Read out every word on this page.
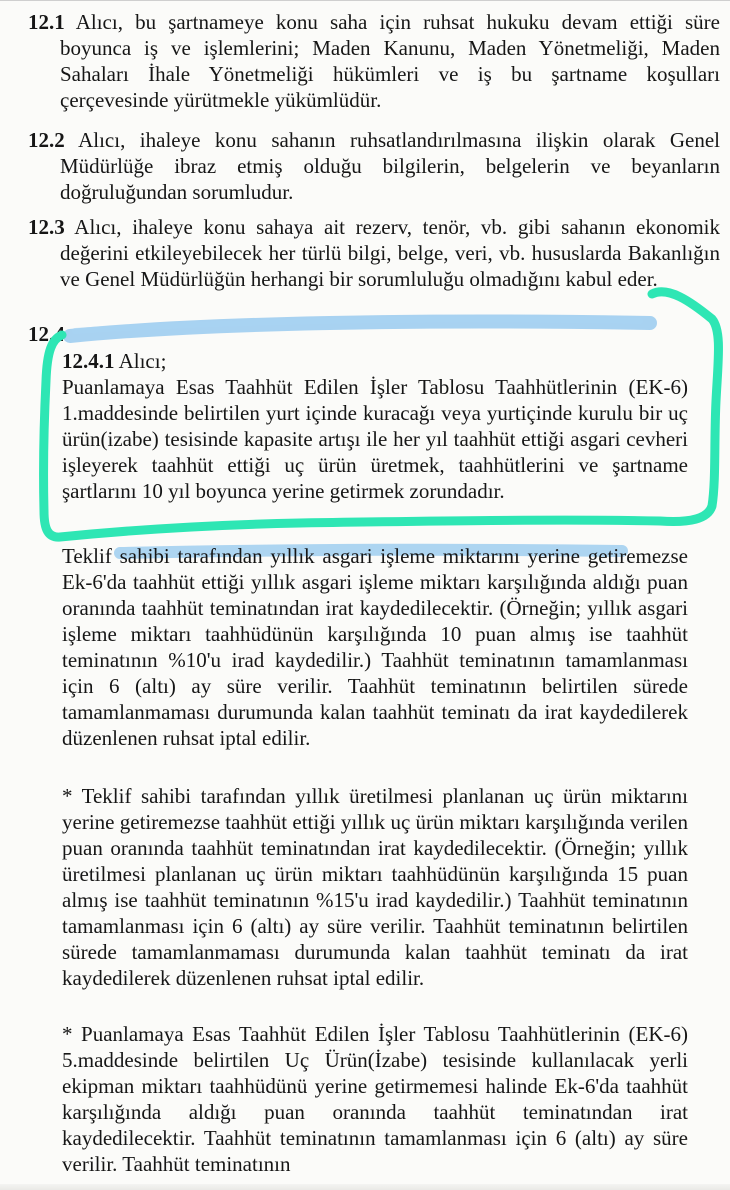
12.1 Alıcı, bu şartnameye konu saha için ruhsat hukuku devam ettiği süre boyunca iş ve işlemlerini; Maden Kanunu, Maden Yönetmeliği, Maden Sahaları İhale Yönetmeliği hükümleri ve iş bu şartname koşulları çerçevesinde yürütmekle yükümlüdür.
12.2 Alıcı, ihaleye konu sahanın ruhsatlandırılmasına ilişkin olarak Genel Müdürlüğe ibraz etmiş olduğu bilgilerin, belgelerin ve beyanların doğruluğundan sorumludur.
12.3 Alıcı, ihaleye konu sahaya ait rezerv, tenör, vb. gibi sahanın ekonomik değerini etkileyebilecek her türlü bilgi, belge, veri, vb. hususlarda Bakanlığın ve Genel Müdürlüğün herhangi bir sorumluluğu olmadığını kabul eder.
12.4
12.4.1 Alıcı;
Puanlamaya Esas Taahhüt Edilen İşler Tablosu Taahhütlerinin (EK-6) 1.maddesinde belirtilen yurt içinde kuracağı veya yurtiçinde kurulu bir uç ürün(izabe) tesisinde kapasite artışı ile her yıl taahhüt ettiği asgari cevheri işleyerek taahhüt ettiği uç ürün üretmek, taahhütlerini ve şartname şartlarını 10 yıl boyunca yerine getirmek zorundadır.
Teklif sahibi tarafından yıllık asgari işleme miktarını yerine getiremezse Ek-6'da taahhüt ettiği yıllık asgari işleme miktarı karşılığında aldığı puan oranında taahhüt teminatından irat kaydedilecektir. (Örneğin; yıllık asgari işleme miktarı taahhüdünün karşılığında 10 puan almış ise taahhüt teminatının %10'u irad kaydedilir.) Taahhüt teminatının tamamlanması için 6 (altı) ay süre verilir. Taahhüt teminatının belirtilen sürede tamamlanmaması durumunda kalan taahhüt teminatı da irat kaydedilerek düzenlenen ruhsat iptal edilir.
* Teklif sahibi tarafından yıllık üretilmesi planlanan uç ürün miktarını yerine getiremezse taahhüt ettiği yıllık uç ürün miktarı karşılığında verilen puan oranında taahhüt teminatından irat kaydedilecektir. (Örneğin; yıllık üretilmesi planlanan uç ürün miktarı taahhüdünün karşılığında 15 puan almış ise taahhüt teminatının %15'u irad kaydedilir.) Taahhüt teminatının tamamlanması için 6 (altı) ay süre verilir. Taahhüt teminatının belirtilen sürede tamamlanmaması durumunda kalan taahhüt teminatı da irat kaydedilerek düzenlenen ruhsat iptal edilir.
* Puanlamaya Esas Taahhüt Edilen İşler Tablosu Taahhütlerinin (EK-6) 5.maddesinde belirtilen Uç Ürün(İzabe) tesisinde kullanılacak yerli ekipman miktarı taahhüdünü yerine getirmemesi halinde Ek-6'da taahhüt karşılığında aldığı puan oranında taahhüt teminatından irat kaydedilecektir. Taahhüt teminatının tamamlanması için 6 (altı) ay süre verilir. Taahhüt teminatının
